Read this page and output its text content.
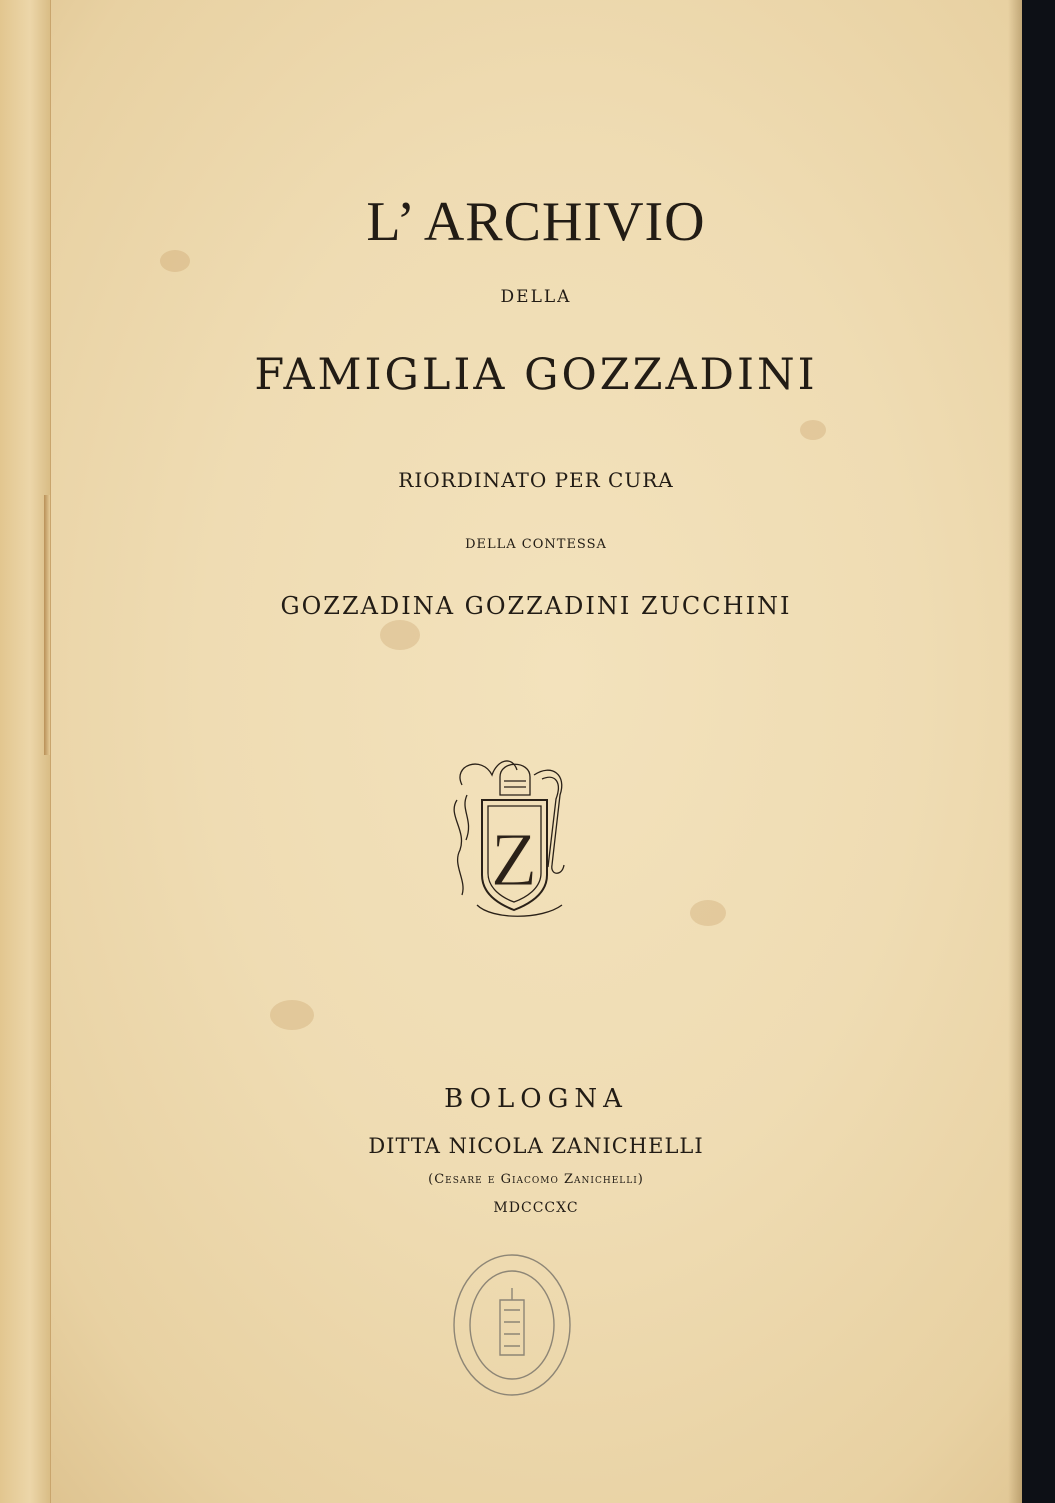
L’ ARCHIVIO
DELLA
FAMIGLIA GOZZADINI
RIORDINATO PER CURA
DELLA CONTESSA
GOZZADINA GOZZADINI ZUCCHINI
Z
BOLOGNA
DITTA NICOLA ZANICHELLI
(Cesare e Giacomo Zanichelli)
MDCCCXC
